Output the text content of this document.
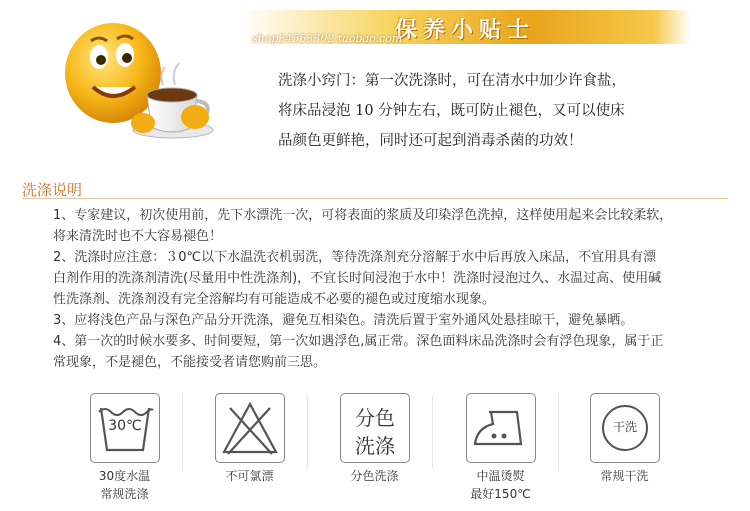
保养小贴士
shop34553302.taobao.com
洗涤小窍门：第一次洗涤时，可在清水中加少许食盐，
将床品浸泡 10 分钟左右，既可防止褪色，又可以使床
品颜色更鲜艳，同时还可起到消毒杀菌的功效！
洗涤说明

1、专家建议，初次使用前，先下水漂洗一次，可将表面的浆质及印染浮色洗掉，这样使用起来会比较柔软，

将来清洗时也不大容易褪色！

2、洗涤时应注意：３0℃以下水温洗衣机弱洗，等待洗涤剂充分溶解于水中后再放入床品，不宜用具有漂

白剂作用的洗涤剂清洗(尽量用中性洗涤剂)，不宜长时间浸泡于水中！洗涤时浸泡过久、水温过高、使用碱

性洗涤剂、洗涤剂没有完全溶解均有可能造成不必要的褪色或过度缩水现象。

3、应将浅色产品与深色产品分开洗涤，避免互相染色。清洗后置于室外通风处悬挂晾干，避免暴晒。

4、第一次的时候水要多、时间要短，第一次如遇浮色,属正常。深色面料床品洗涤时会有浮色现象，属于正

常现象，不是褪色，不能接受者请您购前三思。

30℃
30度水温
常规洗涤
不可氯漂
分色
洗涤
分色洗涤	中温烫熨
最好150℃
干洗
常规干洗
